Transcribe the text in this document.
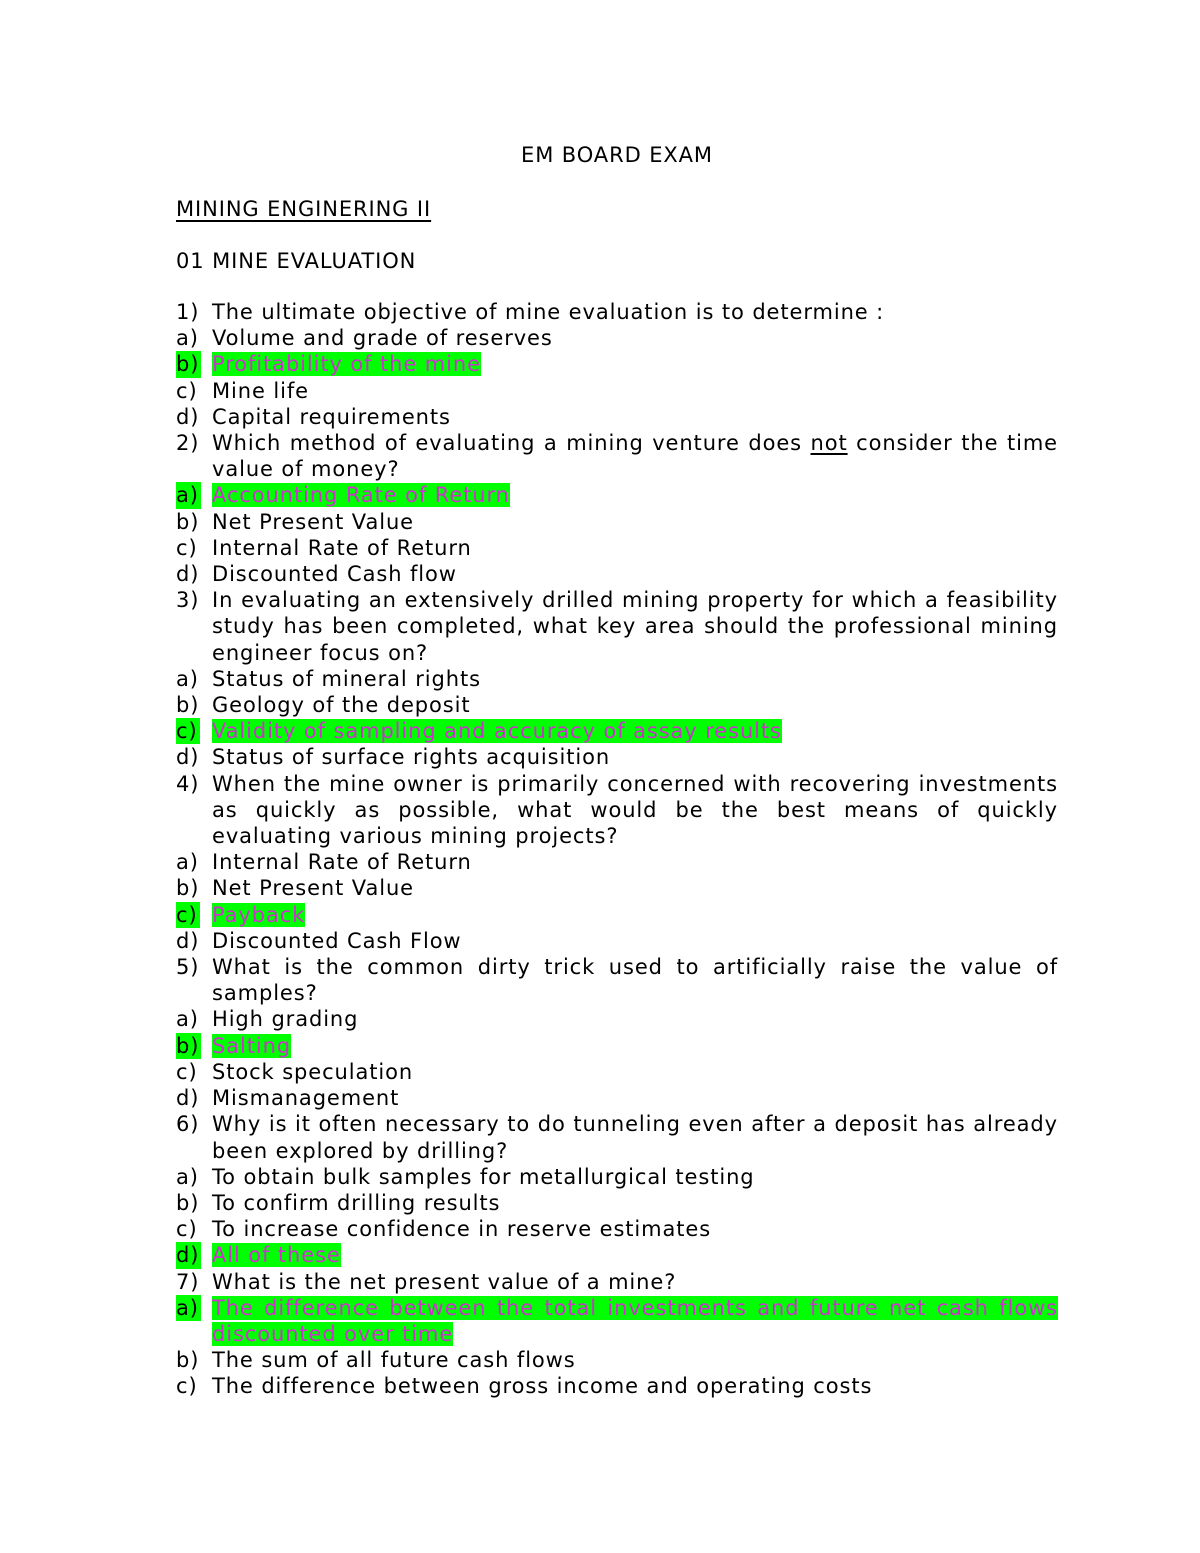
EM BOARD EXAM
MINING ENGINERING II
01 MINE EVALUATION
1) The ultimate objective of mine evaluation is to determine :
a) Volume and grade of reserves
b) Profitability of the mine
c) Mine life
d) Capital requirements
2) Which method of evaluating a mining venture does not consider the time value of money?
a) Accounting Rate of Return
b) Net Present Value
c) Internal Rate of Return
d) Discounted Cash flow
3) In evaluating an extensively drilled mining property for which a feasibility study has been completed, what key area should the professional mining engineer focus on?
a) Status of mineral rights
b) Geology of the deposit
c) Validity of sampling and accuracy of assay results
d) Status of surface rights acquisition
4) When the mine owner is primarily concerned with recovering investments as quickly as possible, what would be the best means of quickly evaluating various mining projects?
a) Internal Rate of Return
b) Net Present Value
c) Payback
d) Discounted Cash Flow
5) What is the common dirty trick used to artificially raise the value of samples?
a) High grading
b) Salting
c) Stock speculation
d) Mismanagement
6) Why is it often necessary to do tunneling even after a deposit has already been explored by drilling?
a) To obtain bulk samples for metallurgical testing
b) To confirm drilling results
c) To increase confidence in reserve estimates
d) All of these
7) What is the net present value of a mine?
a) The difference between the total investments and future net cash flows discounted over time
b) The sum of all future cash flows
c) The difference between gross income and operating costs
